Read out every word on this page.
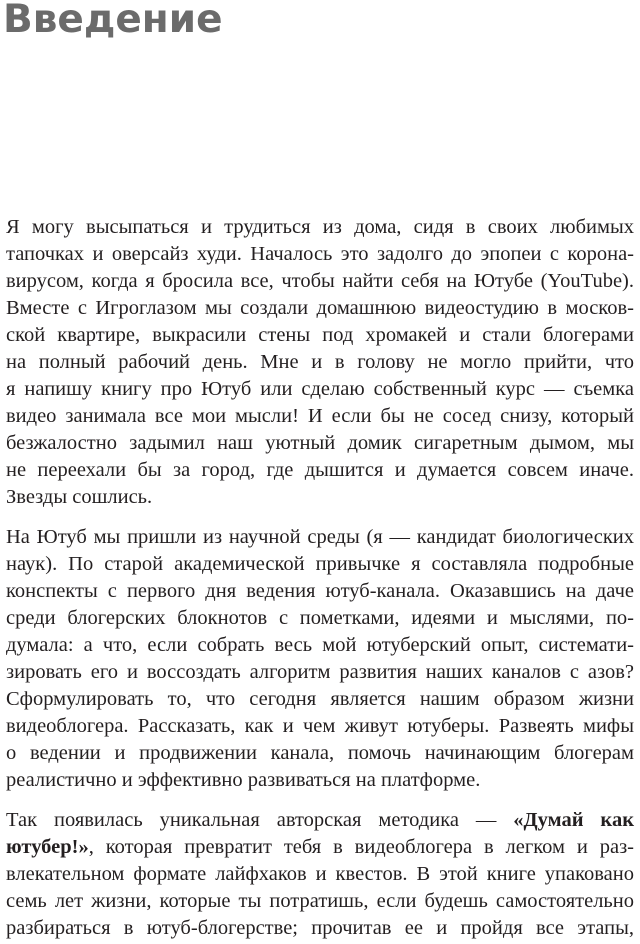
Введение
Я могу высыпаться и трудиться из дома, сидя в своих любимых
тапочках и оверсайз худи. Началось это задолго до эпопеи с корона-
вирусом, когда я бросила все, чтобы найти себя на Ютубе (YouTube).
Вместе с Игроглазом мы создали домашнюю видеостудию в москов-
ской квартире, выкрасили стены под хромакей и стали блогерами
на полный рабочий день. Мне и в голову не могло прийти, что
я напишу книгу про Ютуб или сделаю собственный курс — съемка
видео занимала все мои мысли! И если бы не сосед снизу, который
безжалостно задымил наш уютный домик сигаретным дымом, мы
не переехали бы за город, где дышится и думается совсем иначе.
Звезды сошлись.
На Ютуб мы пришли из научной среды (я — кандидат биологических
наук). По старой академической привычке я составляла подробные
конспекты с первого дня ведения ютуб-канала. Оказавшись на даче
среди блогерских блокнотов с пометками, идеями и мыслями, по-
думала: а что, если собрать весь мой ютуберский опыт, системати-
зировать его и воссоздать алгоритм развития наших каналов с азов?
Сформулировать то, что сегодня является нашим образом жизни
видеоблогера. Рассказать, как и чем живут ютуберы. Развеять мифы
о ведении и продвижении канала, помочь начинающим блогерам
реалистично и эффективно развиваться на платформе.
Так появилась уникальная авторская методика — «Думай как
ютубер!», которая превратит тебя в видеоблогера в легком и раз-
влекательном формате лайфхаков и квестов. В этой книге упаковано
семь лет жизни, которые ты потратишь, если будешь самостоятельно
разбираться в ютуб-блогерстве; прочитав ее и пройдя все этапы,
